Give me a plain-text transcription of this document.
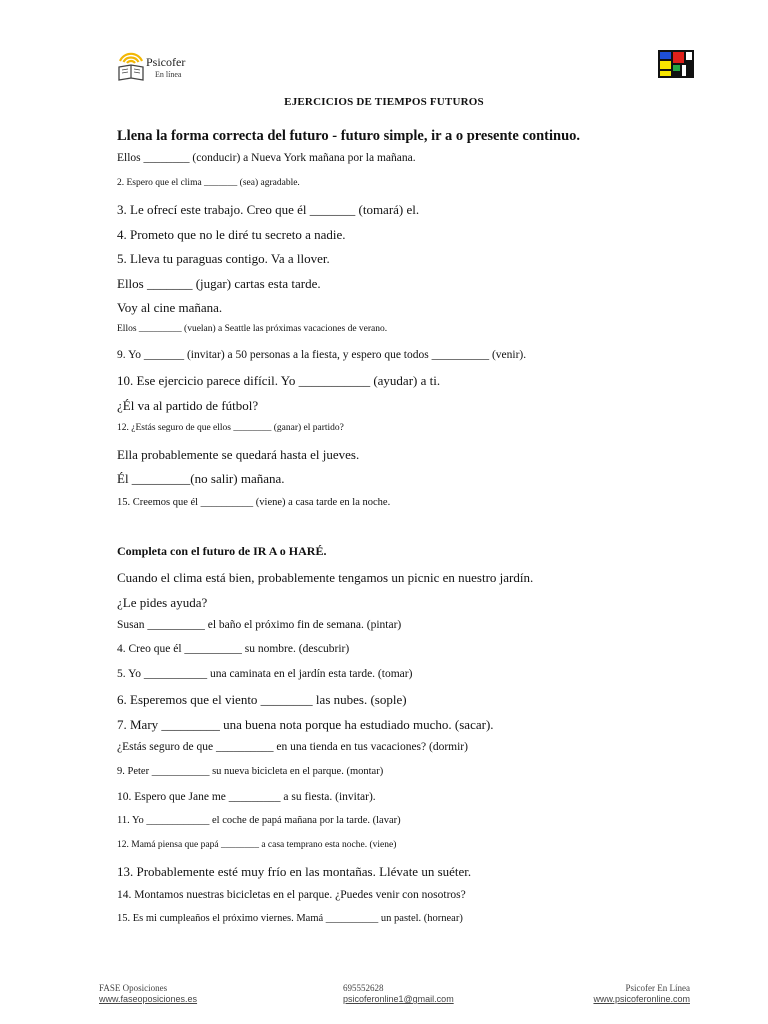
Psicofer
En línea
EJERCICIOS DE TIEMPOS FUTUROS
Llena la forma correcta del futuro - futuro simple, ir a o presente continuo.
Ellos ________ (conducir) a Nueva York mañana por la mañana.
2. Espero que el clima _______ (sea) agradable.
3. Le ofrecí este trabajo. Creo que él _______ (tomará) el.
4. Prometo que no le diré tu secreto a nadie.
5. Lleva tu paraguas contigo. Va a llover.
Ellos _______ (jugar) cartas esta tarde.
Voy al cine mañana.
Ellos _________ (vuelan) a Seattle las próximas vacaciones de verano.
9. Yo _______ (invitar) a 50 personas a la fiesta, y espero que todos __________ (venir).
10. Ese ejercicio parece difícil. Yo ___________ (ayudar) a ti.
¿Él va al partido de fútbol?
12. ¿Estás seguro de que ellos ________ (ganar) el partido?
Ella probablemente se quedará hasta el jueves.
Él _________(no salir) mañana.
15. Creemos que él __________ (viene) a casa tarde en la noche.
Completa con el futuro de IR A o HARÉ.
Cuando el clima está bien, probablemente tengamos un picnic en nuestro jardín.
¿Le pides ayuda?
Susan __________ el baño el próximo fin de semana. (pintar)
4. Creo que él __________ su nombre. (descubrir)
5. Yo ___________ una caminata en el jardín esta tarde. (tomar)
6. Esperemos que el viento ________ las nubes. (sople)
7. Mary _________ una buena nota porque ha estudiado mucho. (sacar).
¿Estás seguro de que __________ en una tienda en tus vacaciones? (dormir)
9. Peter ___________ su nueva bicicleta en el parque. (montar)
10. Espero que Jane me _________ a su fiesta. (invitar).
11. Yo ____________ el coche de papá mañana por la tarde. (lavar)
12. Mamá piensa que papá ________ a casa temprano esta noche. (viene)
13. Probablemente esté muy frío en las montañas. Llévate un suéter.
14. Montamos nuestras bicicletas en el parque. ¿Puedes venir con nosotros?
15. Es mi cumpleaños el próximo viernes. Mamá __________ un pastel. (hornear)
FASE Oposiciones
www.faseoposiciones.es
695552628
psicoferonline1@gmail.com
Psicofer En Línea
www.psicoferonline.com
